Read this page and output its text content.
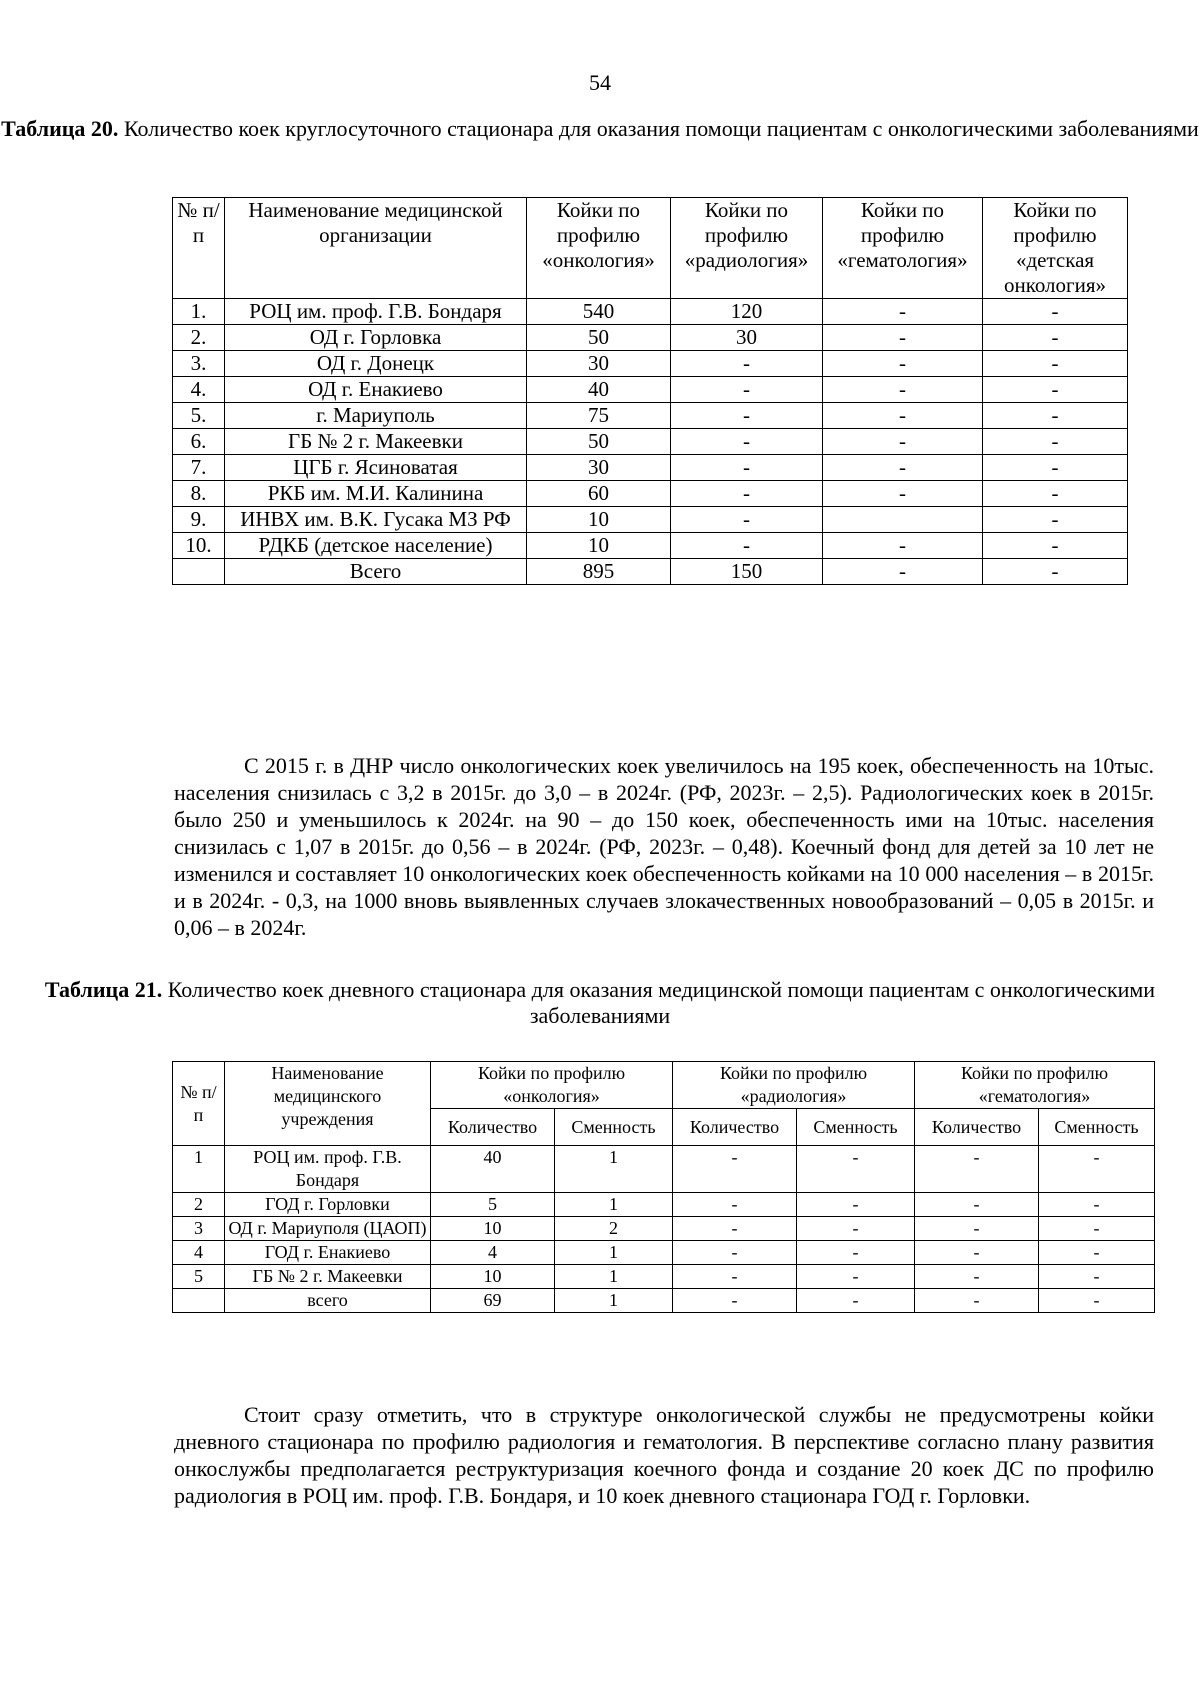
54
Таблица 20. Количество коек круглосуточного стационара для оказания помощи пациентам с онкологическими заболеваниями
№ п/п	Наименование медицинской организации	Койки по профилю «онкология»	Койки по профилю «радиология»	Койки по профилю «гематология»	Койки по профилю «детская онкология»
1.	РОЦ им. проф. Г.В. Бондаря	540	120	-	-
2.	ОД г. Горловка	50	30	-	-
3.	ОД г. Донецк	30	-	-	-
4.	ОД г. Енакиево	40	-	-	-
5.	г. Мариуполь	75	-	-	-
6.	ГБ № 2 г. Макеевки	50	-	-	-
7.	ЦГБ г. Ясиноватая	30	-	-	-
8.	РКБ им. М.И. Калинина	60	-	-	-
9.	ИНВХ им. В.К. Гусака МЗ РФ	10	-		-
10.	РДКБ (детское население)	10	-	-	-
	Всего	895	150	-	-

С 2015 г. в ДНР число онкологических коек увеличилось на 195 коек, обеспеченность на 10тыс. населения снизилась с 3,2 в 2015г. до 3,0 – в 2024г. (РФ, 2023г. – 2,5). Радиологических коек в 2015г. было 250 и уменьшилось к 2024г. на 90 – до 150 коек, обеспеченность ими на 10тыс. населения снизилась с 1,07 в 2015г. до 0,56 – в 2024г. (РФ, 2023г. – 0,48). Коечный фонд для детей за 10 лет не изменился и составляет 10 онкологических коек обеспеченность койками на 10 000 населения – в 2015г. и в 2024г. - 0,3, на 1000 вновь выявленных случаев злокачественных новообразований – 0,05 в 2015г. и 0,06 – в 2024г.

Таблица 21. Количество коек дневного стационара для оказания медицинской помощи пациентам с онкологическими заболеваниями
№ п/п	Наименование медицинского учреждения	Койки по профилю «онкология»		Койки по профилю «радиология»		Койки по профилю «гематология»	
		Количество	Сменность	Количество	Сменность	Количество	Сменность
1	РОЦ им. проф. Г.В. Бондаря	40	1	-	-	-	-
2	ГОД г. Горловки	5	1	-	-	-	-
3	ОД г. Мариуполя (ЦАОП)	10	2	-	-	-	-
4	ГОД г. Енакиево	4	1	-	-	-	-
5	ГБ № 2 г. Макеевки	10	1	-	-	-	-
	всего	69	1	-	-	-	-

Стоит сразу отметить, что в структуре онкологической службы не предусмотрены койки дневного стационара по профилю радиология и гематология. В перспективе согласно плану развития онкослужбы предполагается реструктуризация коечного фонда и создание 20 коек ДС по профилю радиология в РОЦ им. проф. Г.В. Бондаря, и 10 коек дневного стационара ГОД г. Горловки.
